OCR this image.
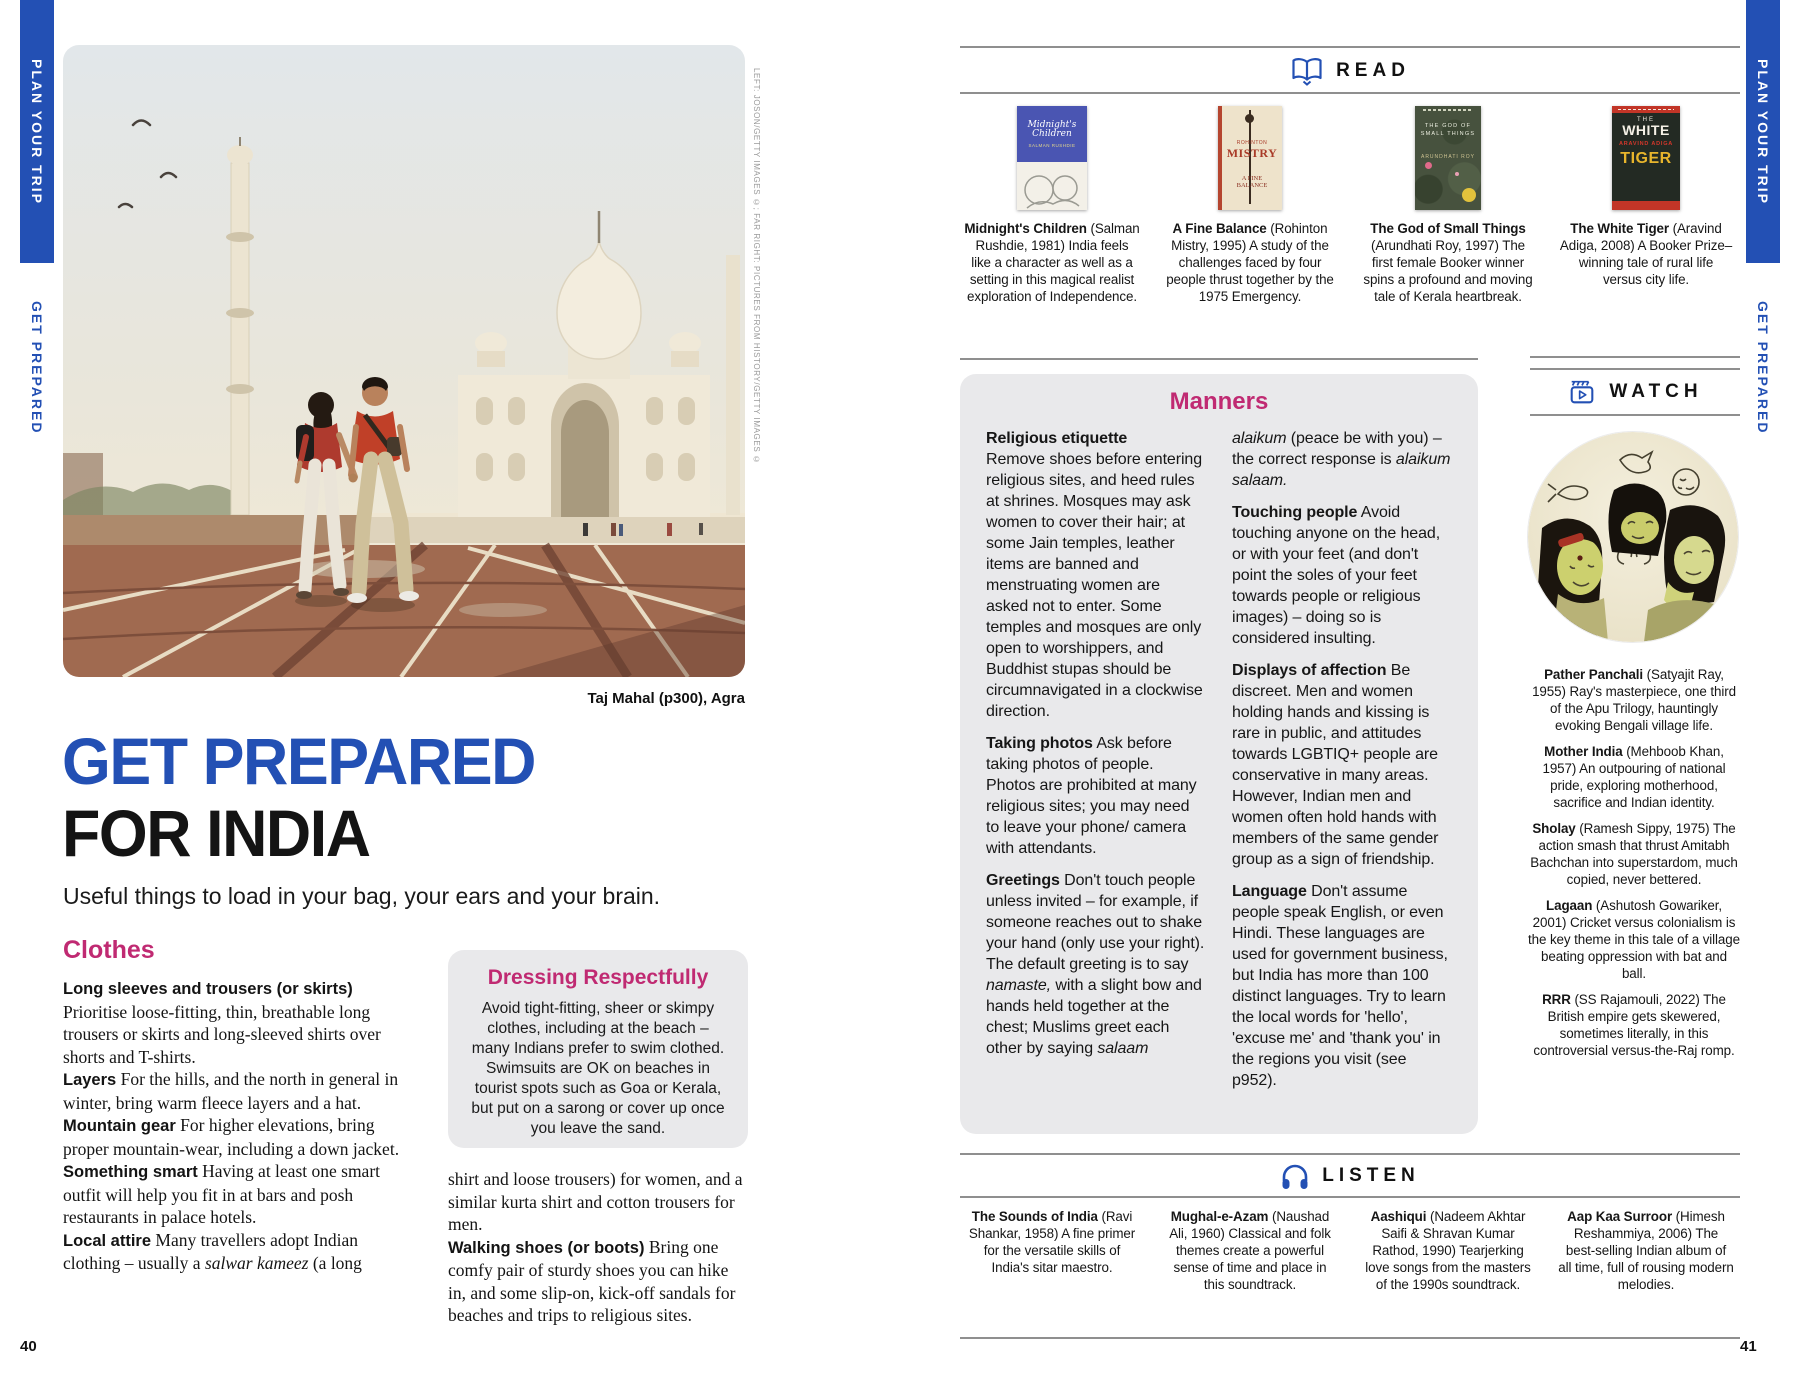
PLAN YOUR TRIP
GET PREPARED
PLAN YOUR TRIP
GET PREPARED
LEFT: JOSON/GETTY IMAGES ©; FAR RIGHT: PICTURES FROM HISTORY/GETTY IMAGES ©
Taj Mahal (p300), Agra
GET PREPARED
FOR INDIA
Useful things to load in your bag, your ears and your brain.
Clothes

Long sleeves and trousers (or skirts)
Prioritise loose-fitting, thin, breathable long trousers or skirts and long-sleeved shirts over shorts and T-shirts.

Layers For the hills, and the north in general in winter, bring warm fleece layers and a hat.

Mountain gear For higher elevations, bring proper mountain-wear, including a down jacket.

Something smart Having at least one smart outfit will help you fit in at bars and posh restaurants in palace hotels.

Local attire Many travellers adopt Indian clothing – usually a salwar kameez (a long

Dressing Respectfully
Avoid tight-fitting, sheer or skimpy clothes, including at the beach – many Indians prefer to swim clothed. Swimsuits are OK on beaches in tourist spots such as Goa or Kerala, but put on a sarong or cover up once you leave the sand.

shirt and loose trousers) for women, and a similar kurta shirt and cotton trousers for men.

Walking shoes (or boots) Bring one comfy pair of sturdy shoes you can hike in, and some slip-on, kick-off sandals for beaches and trips to religious sites.

40
READ
Midnight's Children
SALMAN RUSHDIE
Midnight's Children (Salman Rushdie, 1981) India feels like a character as well as a setting in this magical realist exploration of Independence.
ROHINTON
MISTRY
A FINE BALANCE
A Fine Balance (Rohinton Mistry, 1995) A study of the challenges faced by four people thrust together by the 1975 Emergency.
THE GOD OF SMALL THINGS
ARUNDHATI ROY
The God of Small Things (Arundhati Roy, 1997) The first female Booker winner spins a profound and moving tale of Kerala heartbreak.
THE
WHITE
ARAVIND ADIGA
TIGER
The White Tiger (Aravind Adiga, 2008) A Booker Prize–winning tale of rural life versus city life.
Manners

Religious etiquette
Remove shoes before entering religious sites, and heed rules at shrines. Mosques may ask women to cover their hair; at some Jain temples, leather items are banned and menstruating women are asked not to enter. Some temples and mosques are only open to worshippers, and Buddhist stupas should be circumnavigated in a clockwise direction.

Taking photos Ask before taking photos of people. Photos are prohibited at many religious sites; you may need to leave your phone/ camera with attendants.

Greetings Don't touch people unless invited – for example, if someone reaches out to shake your hand (only use your right). The default greeting is to say namaste, with a slight bow and hands held together at the chest; Muslims greet each other by saying salaam

alaikum (peace be with you) – the correct response is alaikum salaam.

Touching people Avoid touching anyone on the head, or with your feet (and don't point the soles of your feet towards people or religious images) – doing so is considered insulting.

Displays of affection Be discreet. Men and women holding hands and kissing is rare in public, and attitudes towards LGBTIQ+ people are conservative in many areas. However, Indian men and women often hold hands with members of the same gender group as a sign of friendship.

Language Don't assume people speak English, or even Hindi. These languages are used for government business, but India has more than 100 distinct languages. Try to learn the local words for 'hello', 'excuse me' and 'thank you' in the regions you visit (see p952).

WATCH

Pather Panchali (Satyajit Ray, 1955) Ray's masterpiece, one third of the Apu Trilogy, hauntingly evoking Bengali village life.

Mother India (Mehboob Khan, 1957) An outpouring of national pride, exploring motherhood, sacrifice and Indian identity.

Sholay (Ramesh Sippy, 1975) The action smash that thrust Amitabh Bachchan into superstardom, much copied, never bettered.

Lagaan (Ashutosh Gowariker, 2001) Cricket versus colonialism is the key theme in this tale of a village beating oppression with bat and ball.

RRR (SS Rajamouli, 2022) The British empire gets skewered, sometimes literally, in this controversial versus-the-Raj romp.

LISTEN
The Sounds of India (Ravi Shankar, 1958) A fine primer for the versatile skills of India's sitar maestro.
Mughal-e-Azam (Naushad Ali, 1960) Classical and folk themes create a powerful sense of time and place in this soundtrack.
Aashiqui (Nadeem Akhtar Saifi & Shravan Kumar Rathod, 1990) Tearjerking love songs from the masters of the 1990s soundtrack.
Aap Kaa Surroor (Himesh Reshammiya, 2006) The best-selling Indian album of all time, full of rousing modern melodies.
41
